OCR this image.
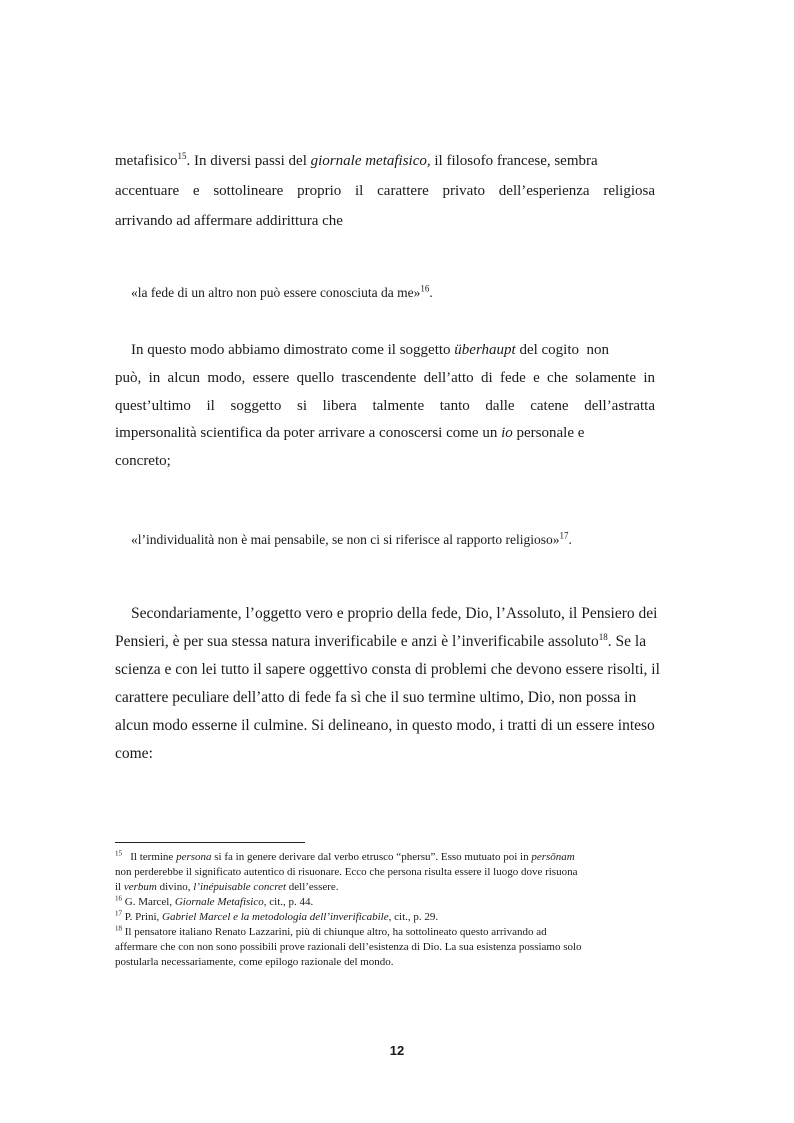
metafisico$^{15}$. In diversi passi del giornale metafisico, il filosofo francese, sembra
accentuare e sottolineare proprio il carattere privato dell’esperienza religiosa
arrivando ad affermare addirittura che
«la fede di un altro non può essere conosciuta da me»$^{16}$.
In questo modo abbiamo dimostrato come il soggetto überhaupt del cogito  non
può, in alcun modo, essere quello trascendente dell’atto di fede e che solamente in
quest’ultimo il soggetto si libera talmente tanto dalle catene dell’astratta
impersonalità scientifica da poter arrivare a conoscersi come un io personale e
concreto;
«l’individualità non è mai pensabile, se non ci si riferisce al rapporto religioso»$^{17}$.
Secondariamente, l’oggetto vero e proprio della fede, Dio, l’Assoluto, il Pensiero dei
Pensieri, è per sua stessa natura inverificabile e anzi è l’inverificabile assoluto$^{18}$. Se la
scienza e con lei tutto il sapere oggettivo consta di problemi che devono essere risolti, il
carattere peculiare dell’atto di fede fa sì che il suo termine ultimo, Dio, non possa in
alcun modo esserne il culmine. Si delineano, in questo modo, i tratti di un essere inteso
come:
$^{15}$ Il termine persona si fa in genere derivare dal verbo etrusco “phersu”. Esso mutuato poi in persōnam
non perderebbe il significato autentico di risuonare. Ecco che persona risulta essere il luogo dove risuona
il verbum divino, l’inépuisable concret dell’essere.
$^{16}$ G. Marcel, Giornale Metafisico, cit., p. 44.
$^{17}$ P. Prini, Gabriel Marcel e la metodologia dell’inverificabile, cit., p. 29.
$^{18}$ Il pensatore italiano Renato Lazzarini, più di chiunque altro, ha sottolineato questo arrivando ad
affermare che con non sono possibili prove razionali dell’esistenza di Dio. La sua esistenza possiamo solo
postularla necessariamente, come epilogo razionale del mondo.
12
